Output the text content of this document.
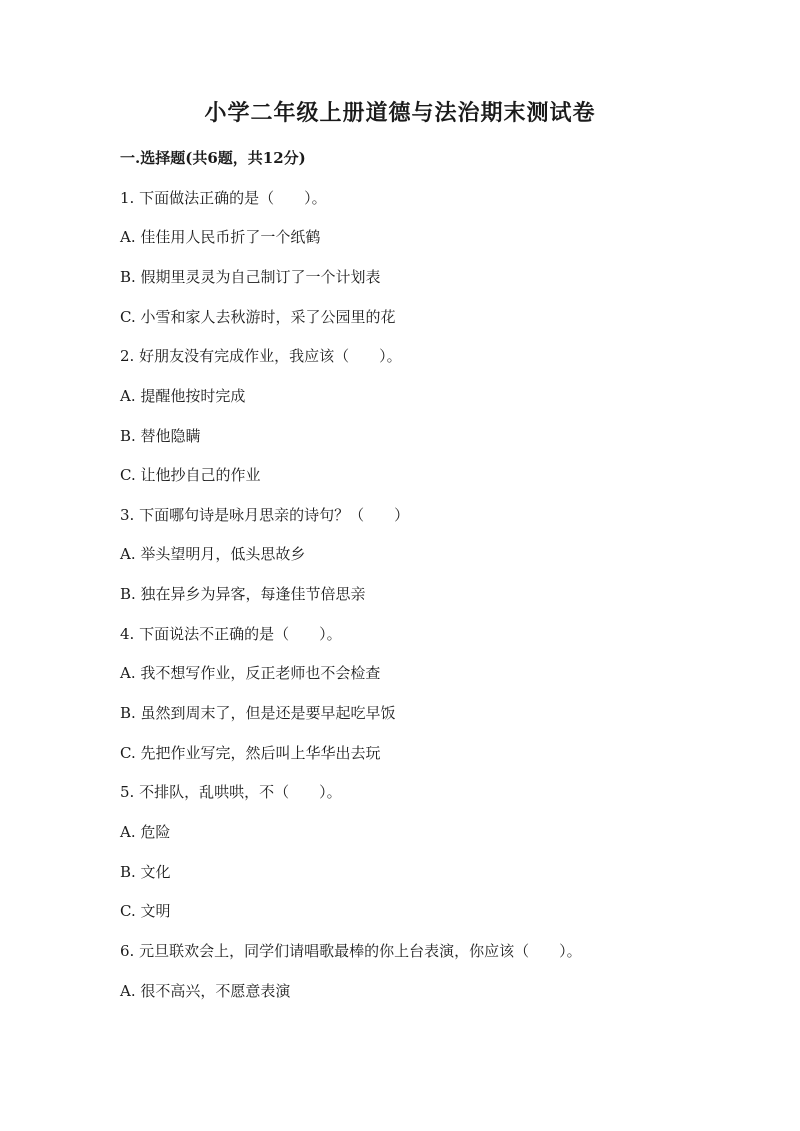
小学二年级上册道德与法治期末测试卷
一.选择题(共6题，共12分)
1. 下面做法正确的是（　　）。
A. 佳佳用人民币折了一个纸鹤
B. 假期里灵灵为自己制订了一个计划表
C. 小雪和家人去秋游时，采了公园里的花
2. 好朋友没有完成作业，我应该（　　）。
A. 提醒他按时完成
B. 替他隐瞒
C. 让他抄自己的作业
3. 下面哪句诗是咏月思亲的诗句？（　　）
A. 举头望明月，低头思故乡
B. 独在异乡为异客，每逢佳节倍思亲
4. 下面说法不正确的是（　　）。
A. 我不想写作业，反正老师也不会检查
B. 虽然到周末了，但是还是要早起吃早饭
C. 先把作业写完，然后叫上华华出去玩
5. 不排队，乱哄哄，不（　　）。
A. 危险
B. 文化
C. 文明
6. 元旦联欢会上，同学们请唱歌最棒的你上台表演，你应该（　　）。
A. 很不高兴，不愿意表演
